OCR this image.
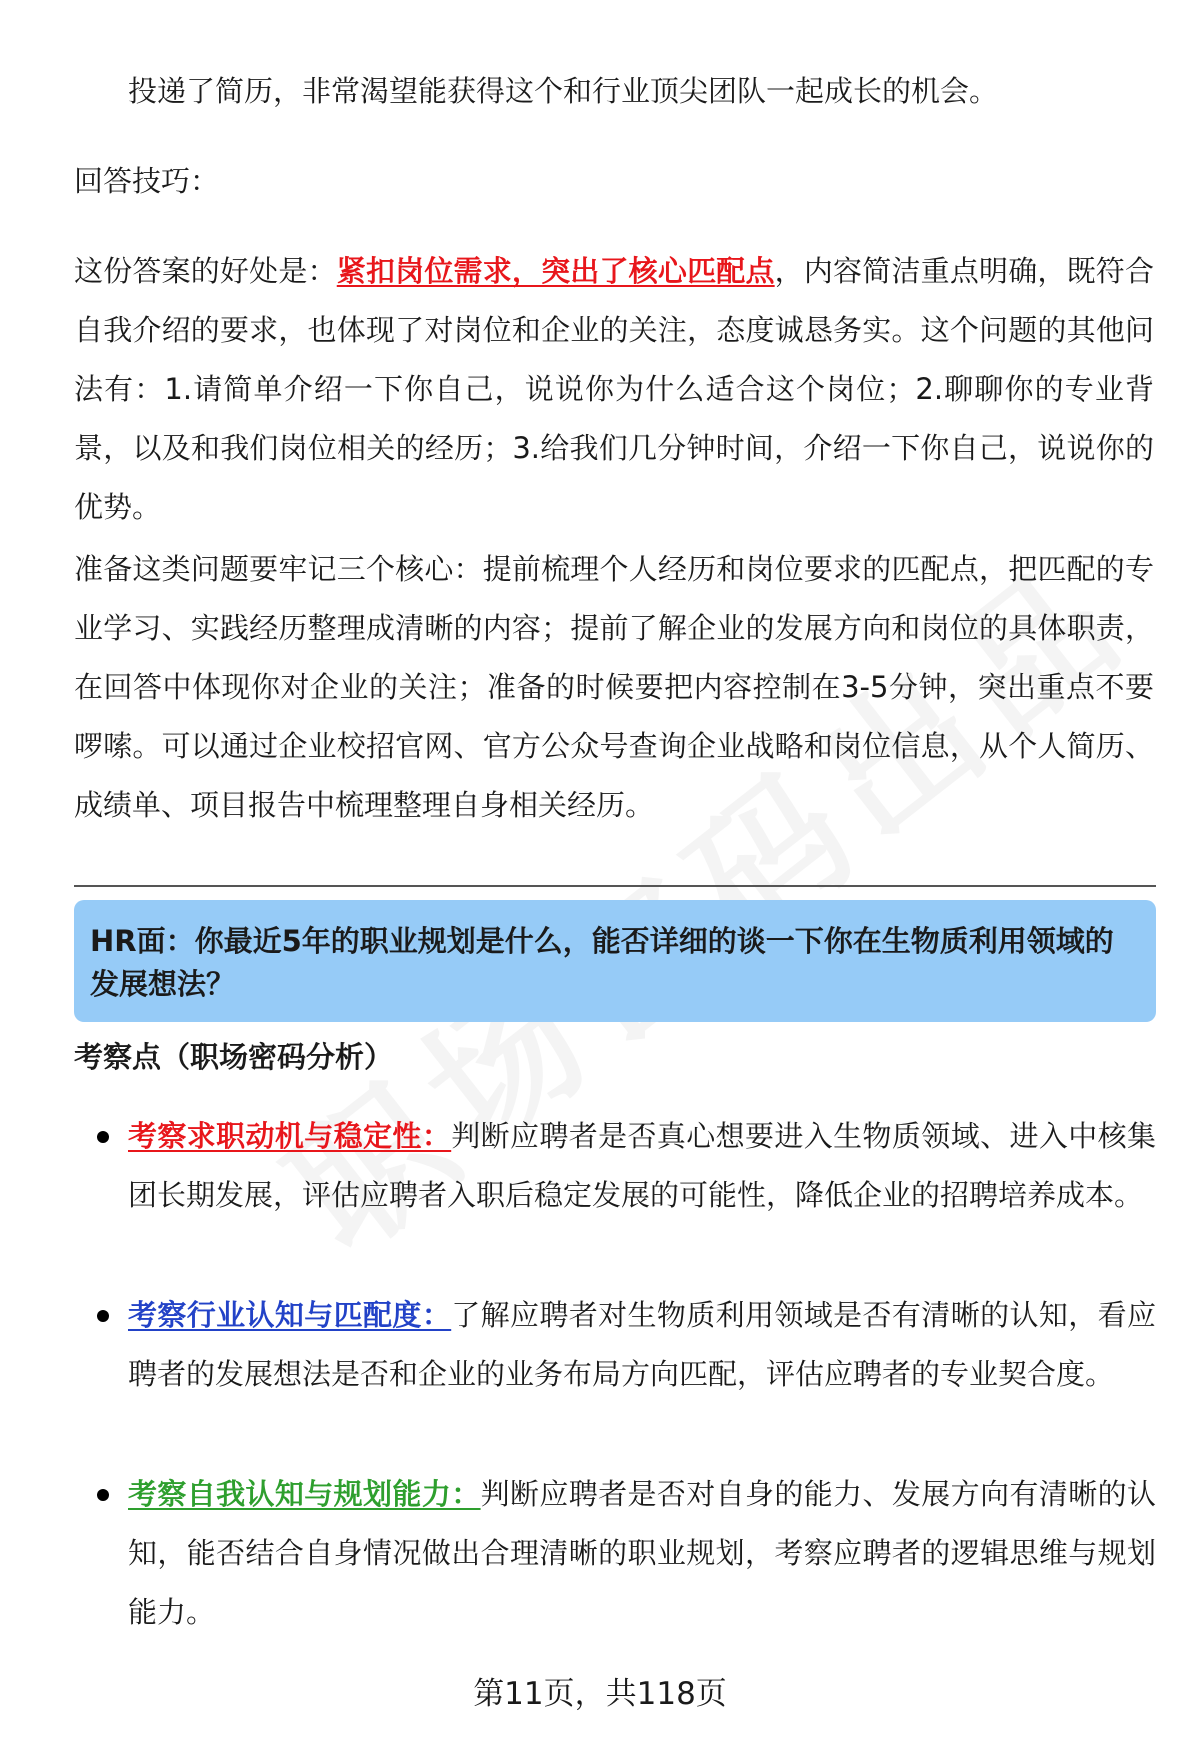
投递了简历，非常渴望能获得这个和行业顶尖团队一起成长的机会。

回答技巧：

这份答案的好处是：紧扣岗位需求，突出了核心匹配点，内容简洁重点明确，既符合自我介绍的要求，也体现了对岗位和企业的关注，态度诚恳务实。这个问题的其他问法有：1.请简单介绍一下你自己，说说你为什么适合这个岗位；2.聊聊你的专业背景，以及和我们岗位相关的经历；3.给我们几分钟时间，介绍一下你自己，说说你的优势。

准备这类问题要牢记三个核心：提前梳理个人经历和岗位要求的匹配点，把匹配的专业学习、实践经历整理成清晰的内容；提前了解企业的发展方向和岗位的具体职责，在回答中体现你对企业的关注；准备的时候要把内容控制在3-5分钟，突出重点不要啰嗦。可以通过企业校招官网、官方公众号查询企业战略和岗位信息，从个人简历、成绩单、项目报告中梳理整理自身相关经历。

HR面：你最近5年的职业规划是什么，能否详细的谈一下你在生物质利用领域的发展想法？

考察点（职场密码分析）

考察求职动机与稳定性：判断应聘者是否真心想要进入生物质领域、进入中核集团长期发展，评估应聘者入职后稳定发展的可能性，降低企业的招聘培养成本。
考察行业认知与匹配度：了解应聘者对生物质利用领域是否有清晰的认知，看应聘者的发展想法是否和企业的业务布局方向匹配，评估应聘者的专业契合度。
考察自我认知与规划能力：判断应聘者是否对自身的能力、发展方向有清晰的认知，能否结合自身情况做出合理清晰的职业规划，考察应聘者的逻辑思维与规划能力。

第11页，共118页
